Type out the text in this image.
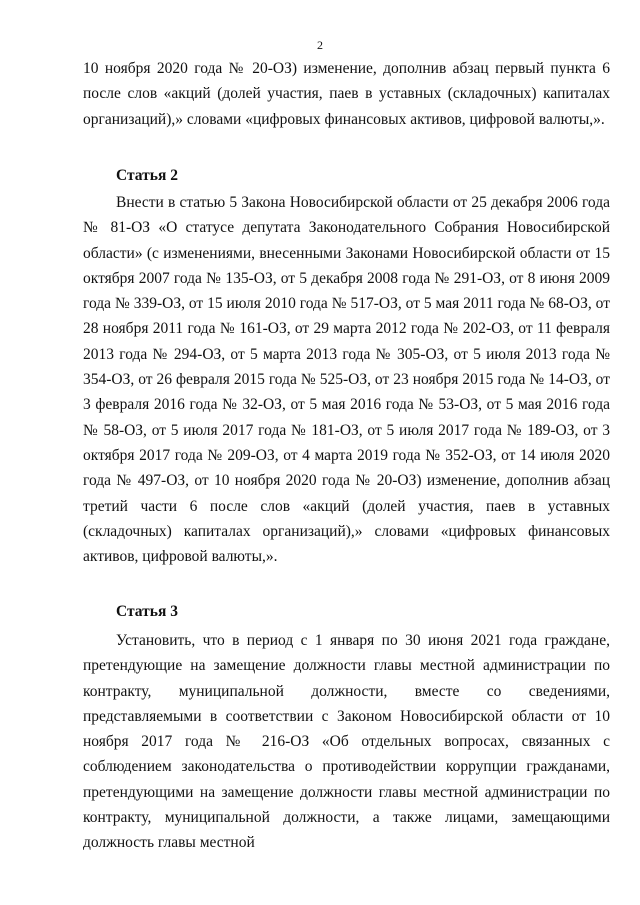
2

10 ноября 2020 года № 20-ОЗ) изменение, дополнив абзац первый пункта 6 после слов «акций (долей участия, паев в уставных (складочных) капиталах организаций),» словами «цифровых финансовых активов, цифровой валюты,».

Статья 2

Внести в статью 5 Закона Новосибирской области от 25 декабря 2006 года № 81-ОЗ «О статусе депутата Законодательного Собрания Новосибирской области» (с изменениями, внесенными Законами Новосибирской области от 15 октября 2007 года № 135-ОЗ, от 5 декабря 2008 года № 291-ОЗ, от 8 июня 2009 года № 339-ОЗ, от 15 июля 2010 года № 517-ОЗ, от 5 мая 2011 года № 68-ОЗ, от 28 ноября 2011 года № 161-ОЗ, от 29 марта 2012 года № 202-ОЗ, от 11 февраля 2013 года № 294-ОЗ, от 5 марта 2013 года № 305-ОЗ, от 5 июля 2013 года № 354-ОЗ, от 26 февраля 2015 года № 525-ОЗ, от 23 ноября 2015 года № 14-ОЗ, от 3 февраля 2016 года № 32-ОЗ, от 5 мая 2016 года № 53-ОЗ, от 5 мая 2016 года № 58-ОЗ, от 5 июля 2017 года № 181-ОЗ, от 5 июля 2017 года № 189-ОЗ, от 3 октября 2017 года № 209-ОЗ, от 4 марта 2019 года № 352-ОЗ, от 14 июля 2020 года № 497-ОЗ, от 10 ноября 2020 года № 20-ОЗ) изменение, дополнив абзац третий части 6 после слов «акций (долей участия, паев в уставных (складочных) капиталах организаций),» словами «цифровых финансовых активов, цифровой валюты,».

Статья 3

Установить, что в период с 1 января по 30 июня 2021 года граждане, претендующие на замещение должности главы местной администрации по контракту, муниципальной должности, вместе со сведениями, представляемыми в соответствии с Законом Новосибирской области от 10 ноября 2017 года № 216-ОЗ «Об отдельных вопросах, связанных с соблюдением законодательства о противодействии коррупции гражданами, претендующими на замещение должности главы местной администрации по контракту, муниципальной должности, а также лицами, замещающими должность главы местной
